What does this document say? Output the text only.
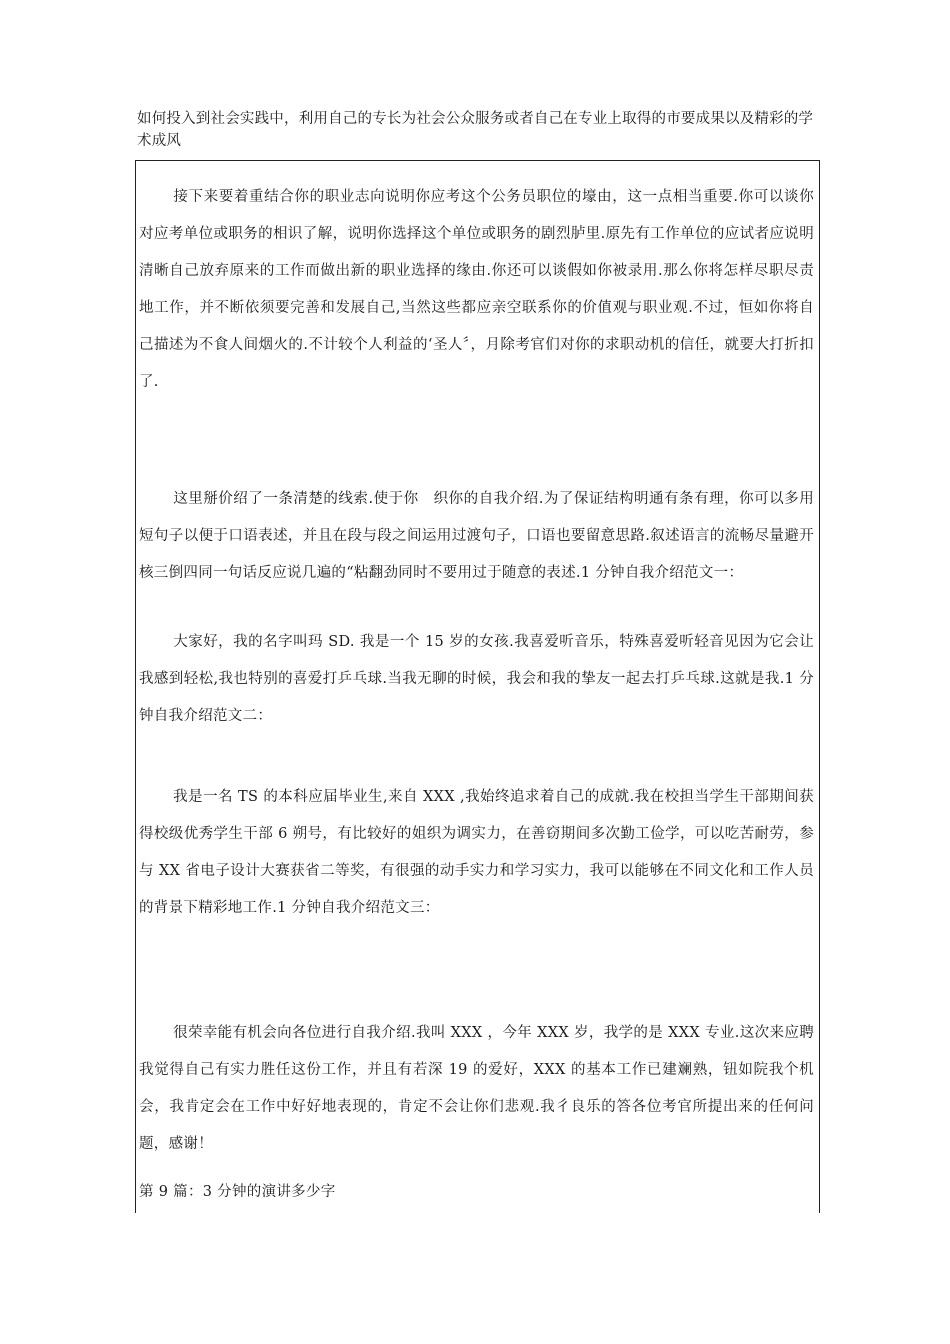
如何投入到社会实践中，利用自己的专长为社会公众服务或者自己在专业上取得的市要成果以及精彩的学术成风

接下来要着重结合你的职业志向说明你应考这个公务员职位的壕由，这一点相当重要.你可以谈你对应考单位或职务的相识了解，说明你选择这个单位或职务的剧烈胪里.原先有工作单位的应试者应说明清晰自己放弃原来的工作而做出新的职业选择的缘由.你还可以谈假如你被录用.那么你将怎样尽职尽责地工作，并不断依须要完善和发展自己,当然这些都应亲空联系你的价值观与职业观.不过，恒如你将自己描述为不食人间烟火的.不计较个人利益的‘圣人〞，月除考官们对你的求职动机的信任，就要大打折扣了.

这里掰价绍了一条清楚的线索.使于你　织你的自我介绍.为了保证结构明通有条有理，你可以多用短句子以便于口语表述，并且在段与段之间运用过渡句子，口语也要留意思路.叙述语言的流畅尽量避开核三倒四同一句话反应说几遍的“粘翻劲同时不要用过于随意的表述.1 分钟自我介绍范文一：

大家好，我的名字叫玛 SD. 我是一个 15 岁的女孩.我喜爱听音乐，特殊喜爱听轻音见因为它会让我感到轻松,我也特别的喜爱打乒乓球.当我无聊的时候，我会和我的挚友一起去打乒乓球.这就是我.1 分钟自我介绍范文二：

我是一名 TS 的本科应届毕业生,来自 XXX ,我始终追求着自己的成就.我在校担当学生干部期间获得校级优秀学生干部 6 朔号，有比较好的姐织为调实力，在善窃期间多次勤工俭学，可以吃苦耐劳，参与 XX 省电子设计大赛获省二等奖，有很强的动手实力和学习实力，我可以能够在不同文化和工作人员的背景下精彩地工作.1 分钟自我介绍范文三：

很荣幸能有机会向各位进行自我介绍.我叫 XXX ，今年 XXX 岁，我学的是 XXX 专业.这次来应聘我觉得自己有实力胜任这份工作，并且有若深 19 的爱好，XXX 的基本工作已建斓熟，钮如院我个机会，我肯定会在工作中好好地表现的，肯定不会让你们悲观.我彳良乐的答各位考官所提出来的任何问题，感谢！

第 9 篇：3 分钟的演讲多少字
